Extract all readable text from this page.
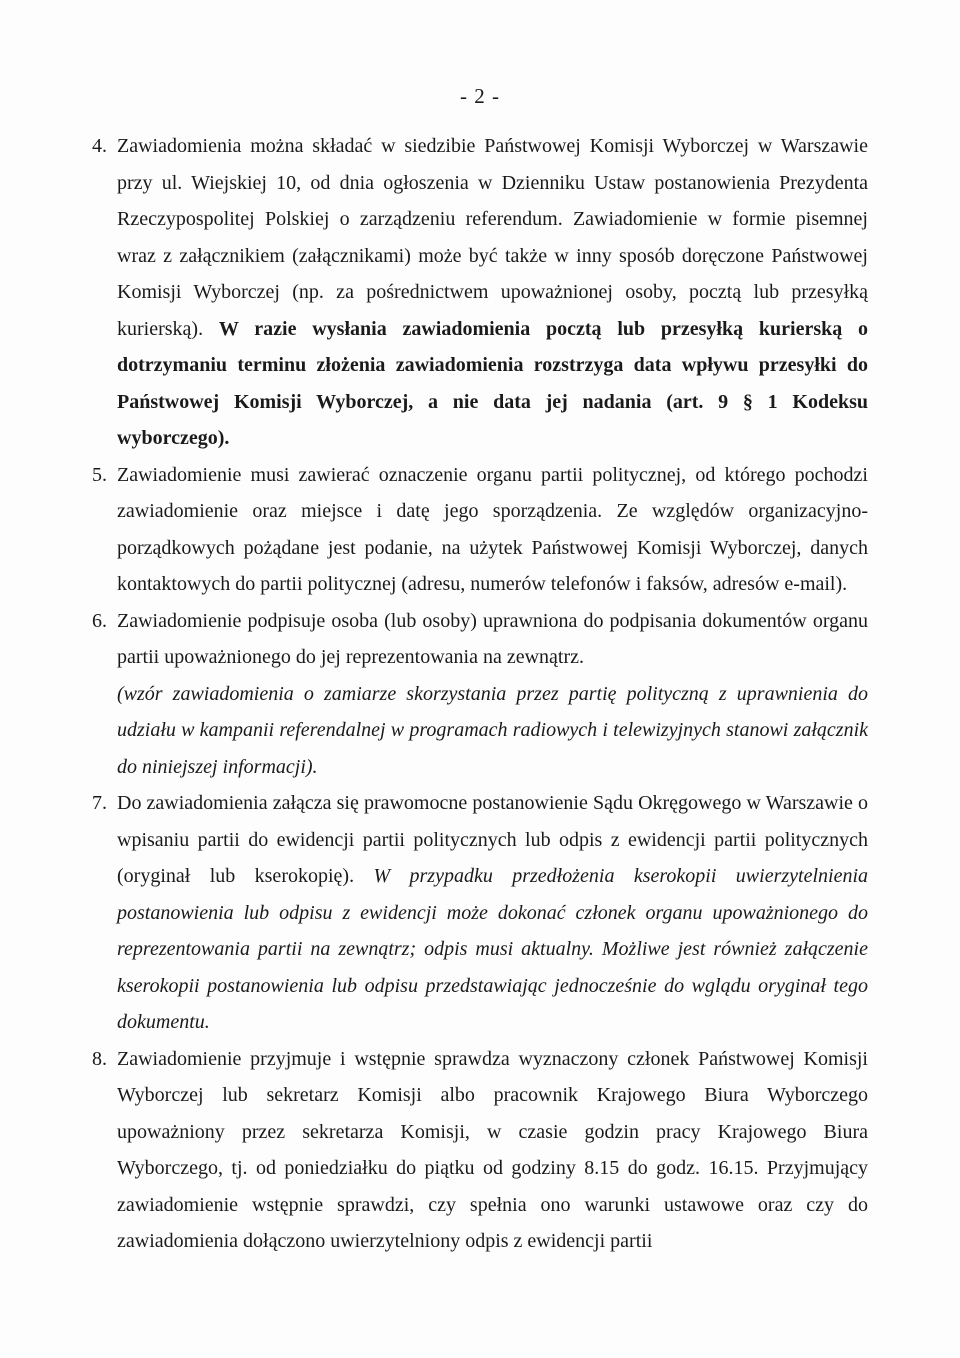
- 2 -
4. Zawiadomienia można składać w siedzibie Państwowej Komisji Wyborczej w Warszawie przy ul. Wiejskiej 10, od dnia ogłoszenia w Dzienniku Ustaw postanowienia Prezydenta Rzeczypospolitej Polskiej o zarządzeniu referendum. Zawiadomienie w formie pisemnej wraz z załącznikiem (załącznikami) może być także w inny sposób doręczone Państwowej Komisji Wyborczej (np. za pośrednictwem upoważnionej osoby, pocztą lub przesyłką kurierską). W razie wysłania zawiadomienia pocztą lub przesyłką kurierską o dotrzymaniu terminu złożenia zawiadomienia rozstrzyga data wpływu przesyłki do Państwowej Komisji Wyborczej, a nie data jej nadania (art. 9 § 1 Kodeksu wyborczego).

5. Zawiadomienie musi zawierać oznaczenie organu partii politycznej, od którego pochodzi zawiadomienie oraz miejsce i datę jego sporządzenia. Ze względów organizacyjno-porządkowych pożądane jest podanie, na użytek Państwowej Komisji Wyborczej, danych kontaktowych do partii politycznej (adresu, numerów telefonów i faksów, adresów e-mail).

6. Zawiadomienie podpisuje osoba (lub osoby) uprawniona do podpisania dokumentów organu partii upoważnionego do jej reprezentowania na zewnątrz.

(wzór zawiadomienia o zamiarze skorzystania przez partię polityczną z uprawnienia do udziału w kampanii referendalnej w programach radiowych i telewizyjnych stanowi załącznik do niniejszej informacji).

7. Do zawiadomienia załącza się prawomocne postanowienie Sądu Okręgowego w Warszawie o wpisaniu partii do ewidencji partii politycznych lub odpis z ewidencji partii politycznych (oryginał lub kserokopię). W przypadku przedłożenia kserokopii uwierzytelnienia postanowienia lub odpisu z ewidencji może dokonać członek organu upoważnionego do reprezentowania partii na zewnątrz; odpis musi aktualny. Możliwe jest również załączenie kserokopii postanowienia lub odpisu przedstawiając jednocześnie do wglądu oryginał tego dokumentu.

8. Zawiadomienie przyjmuje i wstępnie sprawdza wyznaczony członek Państwowej Komisji Wyborczej lub sekretarz Komisji albo pracownik Krajowego Biura Wyborczego upoważniony przez sekretarza Komisji, w czasie godzin pracy Krajowego Biura Wyborczego, tj. od poniedziałku do piątku od godziny 8.15 do godz. 16.15. Przyjmujący zawiadomienie wstępnie sprawdzi, czy spełnia ono warunki ustawowe oraz czy do zawiadomienia dołączono uwierzytelniony odpis z ewidencji partii
